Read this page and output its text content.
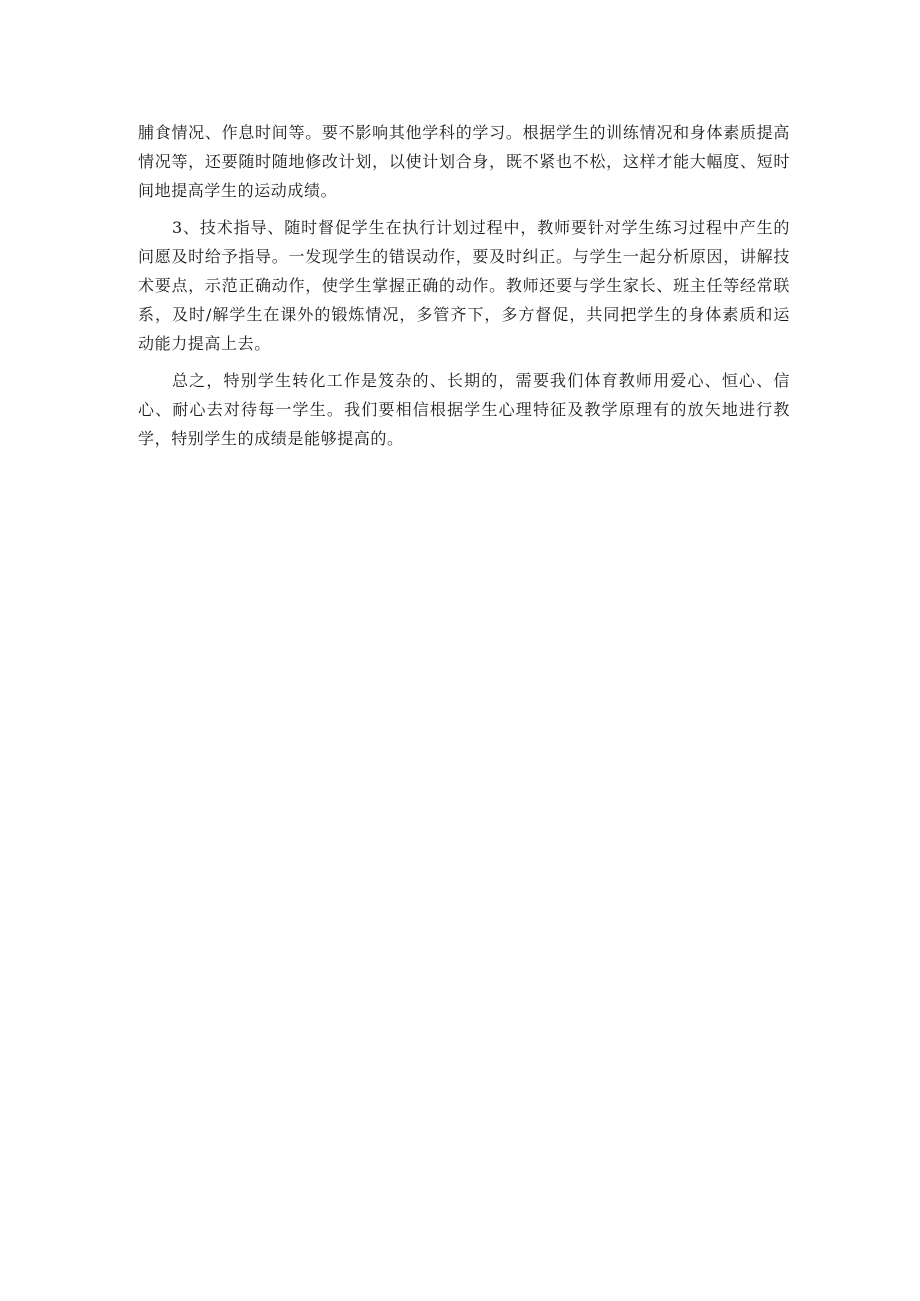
脯食情况、作息时间等。要不影响其他学科的学习。根据学生的训练情况和身体素质提高情况等，还要随时随地修改计划，以使计划合身，既不紧也不松，这样才能大幅度、短时间地提高学生的运动成绩。

3、技术指导、随时督促学生在执行计划过程中，教师要针对学生练习过程中产生的问愿及时给予指导。一发现学生的错误动作，要及时纠正。与学生一起分析原因，讲解技术要点，示范正确动作，使学生掌握正确的动作。教师还要与学生家长、班主任等经常联系，及时/解学生在课外的锻炼情况，多管齐下，多方督促，共同把学生的身体素质和运动能力提高上去。

总之，特别学生转化工作是笈杂的、长期的，需要我们体育教师用爱心、恒心、信心、耐心去对待每一学生。我们要相信根据学生心理特征及教学原理有的放矢地进行教学，特别学生的成绩是能够提高的。
